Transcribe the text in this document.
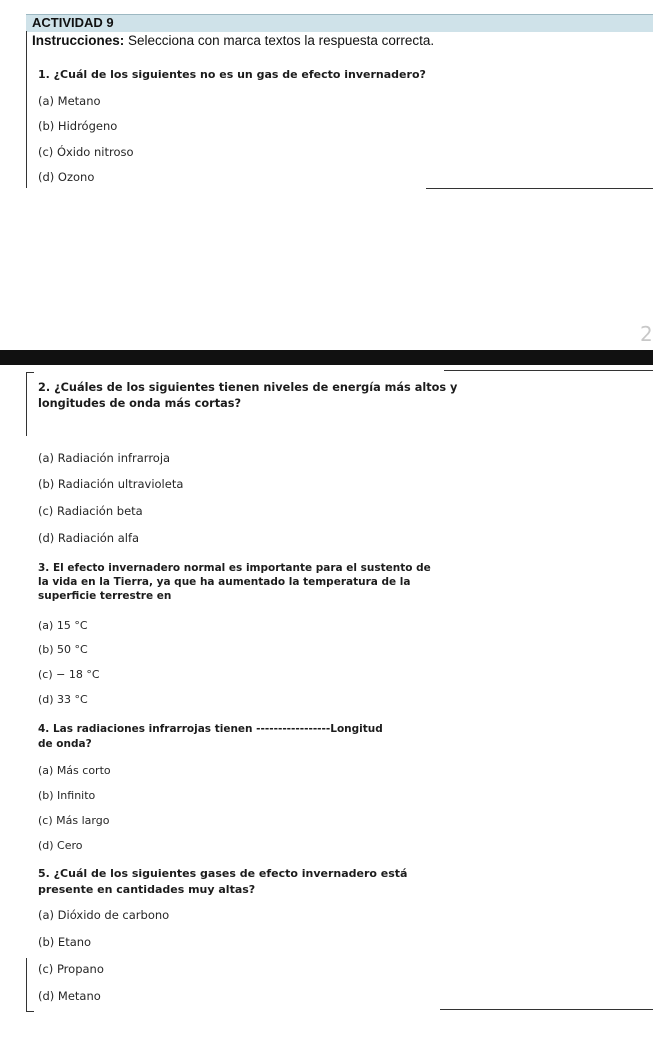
ACTIVIDAD 9
Instrucciones: Selecciona con marca textos la respuesta correcta.
1. ¿Cuál de los siguientes no es un gas de efecto invernadero?
(a) Metano
(b) Hidrógeno
(c) Óxido nitroso
(d) Ozono
2
2. ¿Cuáles de los siguientes tienen niveles de energía más altos y
longitudes de onda más cortas?
(a) Radiación infrarroja
(b) Radiación ultravioleta
(c) Radiación beta
(d) Radiación alfa
3. El efecto invernadero normal es importante para el sustento de
la vida en la Tierra, ya que ha aumentado la temperatura de la
superficie terrestre en
(a) 15 °C
(b) 50 °C
(c) − 18 °C
(d) 33 °C
4. Las radiaciones infrarrojas tienen -----------------Longitud
de onda?
(a) Más corto
(b) Infinito
(c) Más largo
(d) Cero
5. ¿Cuál de los siguientes gases de efecto invernadero está
presente en cantidades muy altas?
(a) Dióxido de carbono
(b) Etano
(c) Propano
(d) Metano
